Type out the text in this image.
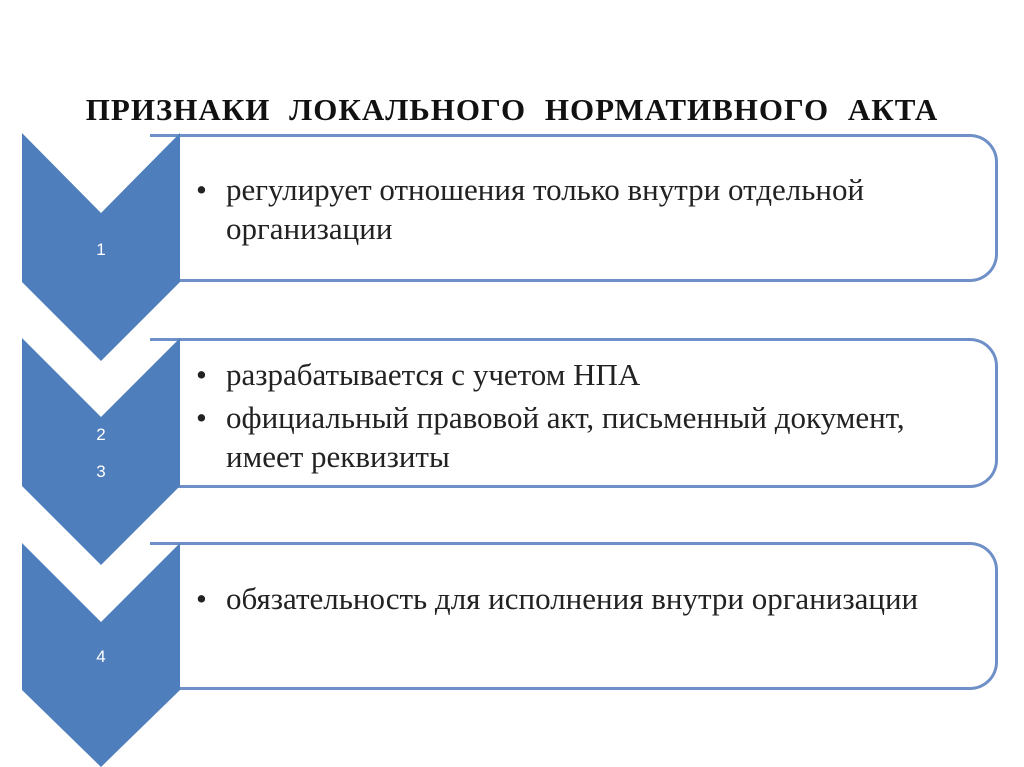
ПРИЗНАКИ ЛОКАЛЬНОГО НОРМАТИВНОГО АКТА
• регулирует отношения только внутри отдельной организации
• разрабатывается с учетом НПА
• официальный правовой акт, письменный документ, имеет реквизиты
• обязательность для исполнения внутри организации
1
2
3
4
